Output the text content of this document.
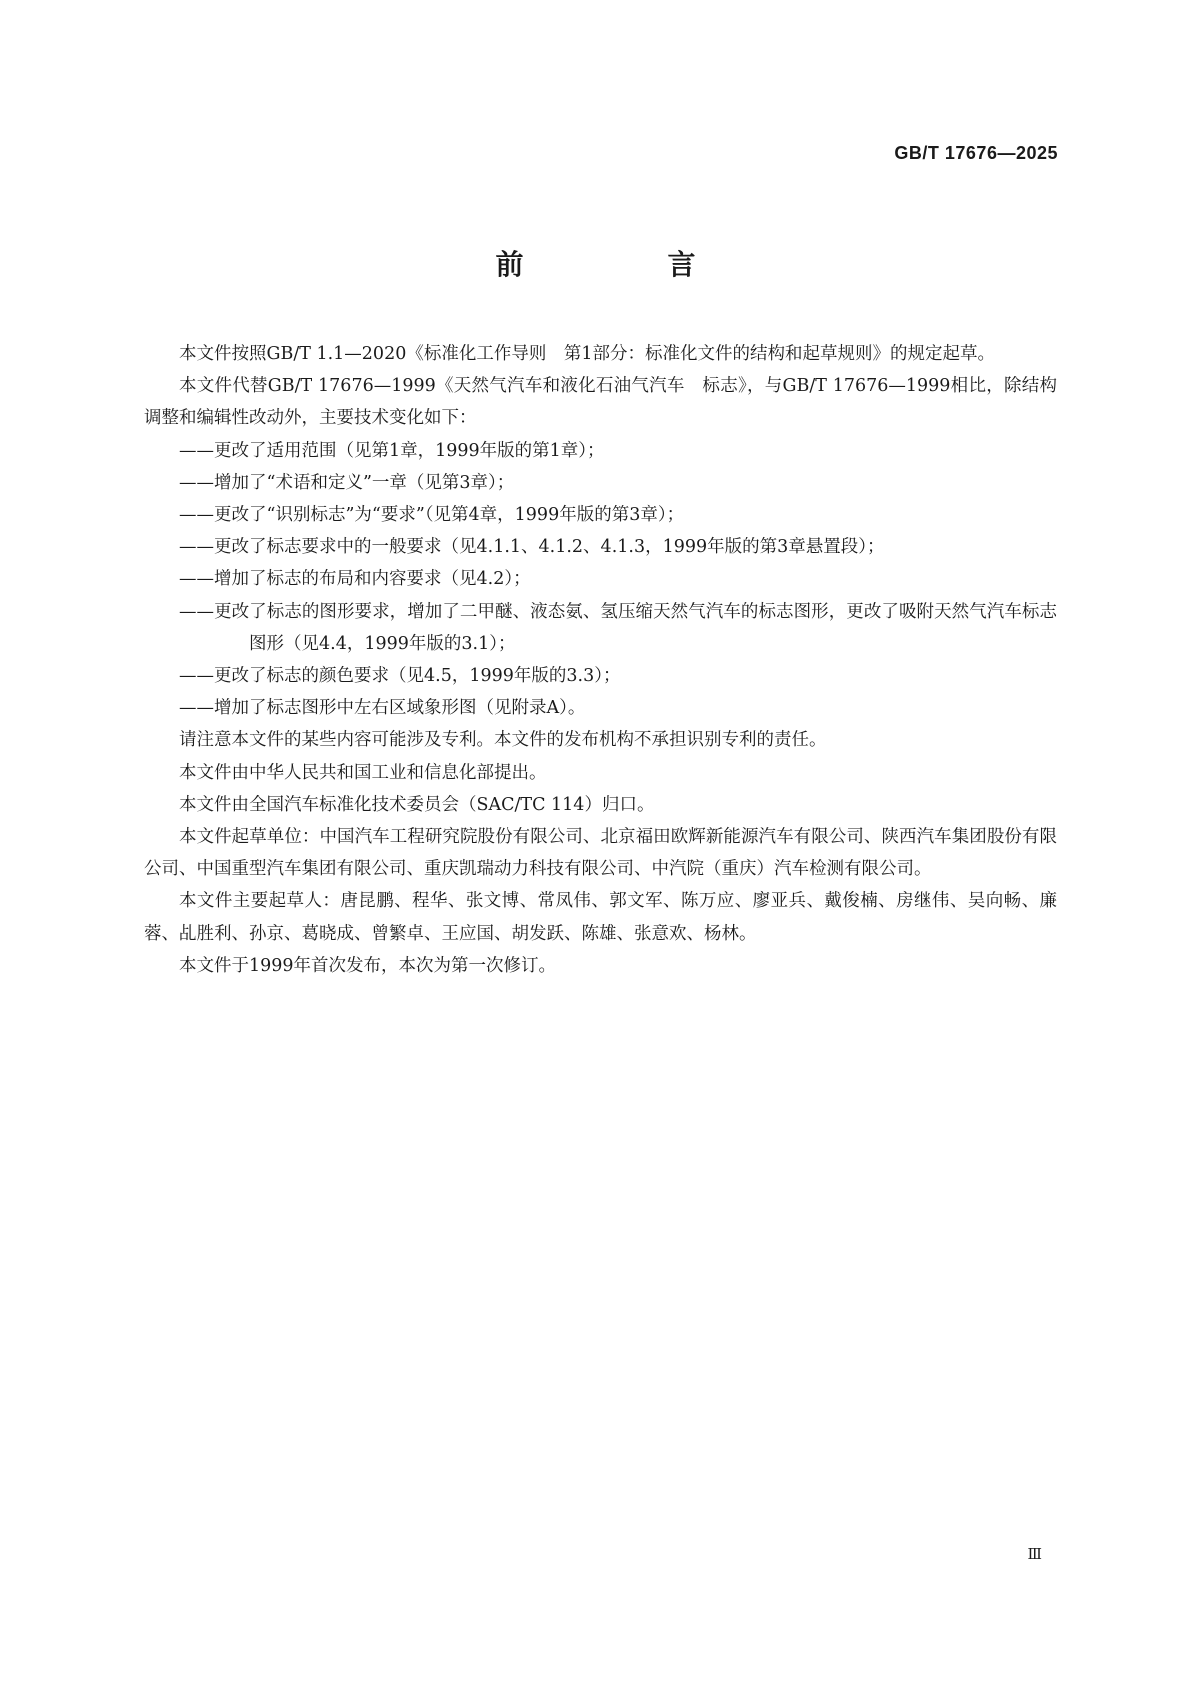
GB/T 17676—2025
前　言

本文件按照GB/T 1.1—2020《标准化工作导则　第1部分：标准化文件的结构和起草规则》的规定起草。

本文件代替GB/T 17676—1999《天然气汽车和液化石油气汽车　标志》，与GB/T 17676—1999相比，除结构调整和编辑性改动外，主要技术变化如下：

——更改了适用范围（见第1章，1999年版的第1章）；
——增加了“术语和定义”一章（见第3章）；
——更改了“识别标志”为“要求”（见第4章，1999年版的第3章）；
——更改了标志要求中的一般要求（见4.1.1、4.1.2、4.1.3，1999年版的第3章悬置段）；
——增加了标志的布局和内容要求（见4.2）；
——更改了标志的图形要求，增加了二甲醚、液态氨、氢压缩天然气汽车的标志图形，更改了吸附天然气汽车标志图形（见4.4，1999年版的3.1）；
——更改了标志的颜色要求（见4.5，1999年版的3.3）；
——增加了标志图形中左右区域象形图（见附录A）。

请注意本文件的某些内容可能涉及专利。本文件的发布机构不承担识别专利的责任。

本文件由中华人民共和国工业和信息化部提出。

本文件由全国汽车标准化技术委员会（SAC/TC 114）归口。

本文件起草单位：中国汽车工程研究院股份有限公司、北京福田欧辉新能源汽车有限公司、陕西汽车集团股份有限公司、中国重型汽车集团有限公司、重庆凯瑞动力科技有限公司、中汽院（重庆）汽车检测有限公司。

本文件主要起草人：唐昆鹏、程华、张文博、常凤伟、郭文军、陈万应、廖亚兵、戴俊楠、房继伟、吴向畅、廉蓉、乩胜利、孙京、葛晓成、曾繁卓、王应国、胡发跃、陈雄、张意欢、杨林。

本文件于1999年首次发布，本次为第一次修订。

Ⅲ
